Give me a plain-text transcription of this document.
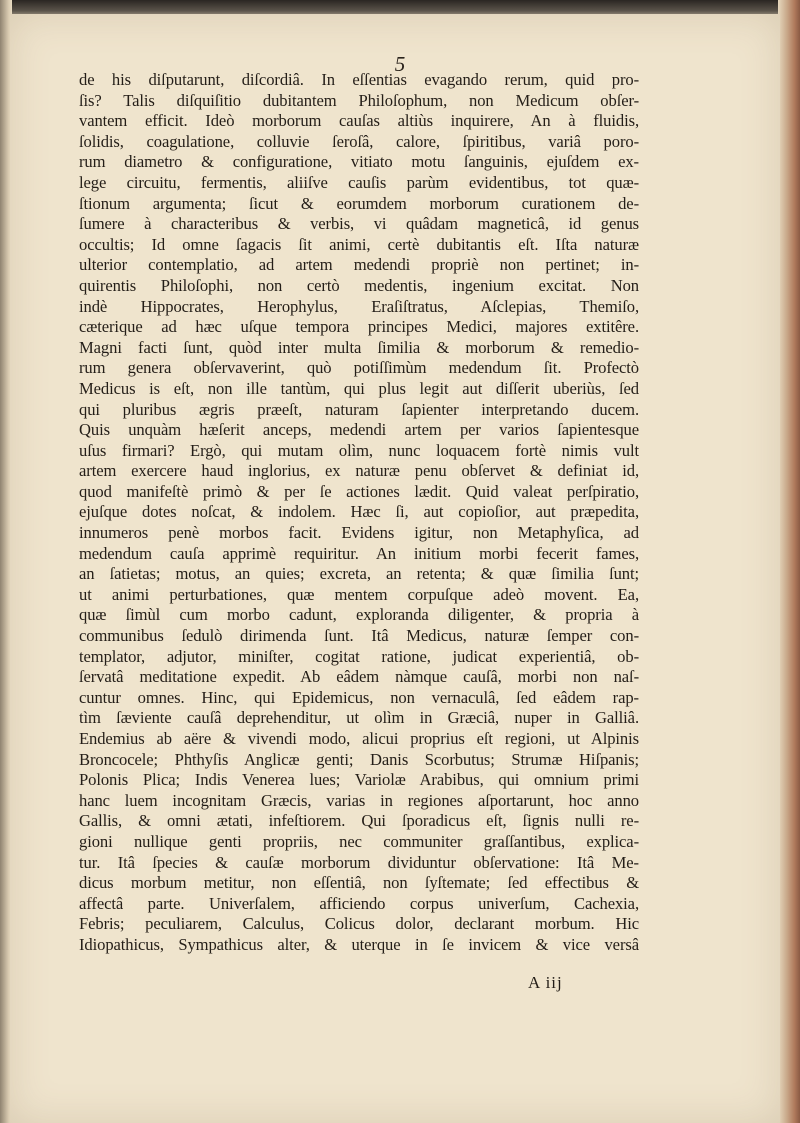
5
de his diſputarunt, diſcordiâ. In eſſentias evagando rerum, quid pro-
ſis? Talis diſquiſitio dubitantem Philoſophum, non Medicum obſer-
vantem efficit. Ideò morborum cauſas altiùs inquirere, An à fluidis,
ſolidis, coagulatione, colluvie ſeroſâ, calore, ſpiritibus, variâ poro-
rum diametro & configuratione, vitiato motu ſanguinis, ejuſdem ex-
lege circuitu, fermentis, aliiſve cauſis parùm evidentibus, tot quæ-
ſtionum argumenta; ſicut & eorumdem morborum curationem de-
ſumere à characteribus & verbis, vi quâdam magneticâ, id genus
occultis; Id omne ſagacis ſit animi, certè dubitantis eſt. Iſta naturæ
ulterior contemplatio, ad artem medendi propriè non pertinet; in-
quirentis Philoſophi, non certò medentis, ingenium excitat. Non
indè Hippocrates, Herophylus, Eraſiſtratus, Aſclepias, Themiſo,
cæterique ad hæc uſque tempora principes Medici, majores extitêre.
Magni facti ſunt, quòd inter multa ſimilia & morborum & remedio-
rum genera obſervaverint, quò potiſſimùm medendum ſit. Profectò
Medicus is eſt, non ille tantùm, qui plus legit aut diſſerit uberiùs, ſed
qui pluribus ægris præeſt, naturam ſapienter interpretando ducem.
Quis unquàm hæſerit anceps, medendi artem per varios ſapientesque
uſus firmari? Ergò, qui mutam olìm, nunc loquacem fortè nimis vult
artem exercere haud inglorius, ex naturæ penu obſervet & definiat id,
quod manifeſtè primò & per ſe actiones lædit. Quid valeat perſpiratio,
ejuſque dotes noſcat, & indolem. Hæc ſi, aut copioſior, aut præpedita,
innumeros penè morbos facit. Evidens igitur, non Metaphyſica, ad
medendum cauſa apprimè requiritur. An initium morbi fecerit fames,
an ſatietas; motus, an quies; excreta, an retenta; & quæ ſimilia ſunt;
ut animi perturbationes, quæ mentem corpuſque adeò movent. Ea,
quæ ſimùl cum morbo cadunt, exploranda diligenter, & propria à
communibus ſedulò dirimenda ſunt. Itâ Medicus, naturæ ſemper con-
templator, adjutor, miniſter, cogitat ratione, judicat experientiâ, ob-
ſervatâ meditatione expedit. Ab eâdem nàmque cauſâ, morbi non naſ-
cuntur omnes. Hinc, qui Epidemicus, non vernaculâ, ſed eâdem rap-
tìm ſæviente cauſâ deprehenditur, ut olìm in Græciâ, nuper in Galliâ.
Endemius ab aëre & vivendi modo, alicui proprius eſt regioni, ut Alpinis
Broncocele; Phthyſis Anglicæ genti; Danis Scorbutus; Strumæ Hiſpanis;
Polonis Plica; Indis Venerea lues; Variolæ Arabibus, qui omnium primi
hanc luem incognitam Græcis, varias in regiones aſportarunt, hoc anno
Gallis, & omni ætati, infeſtiorem. Qui ſporadicus eſt, ſignis nulli re-
gioni nullique genti propriis, nec communiter graſſantibus, explica-
tur. Itâ ſpecies & cauſæ morborum dividuntur obſervatione: Itâ Me-
dicus morbum metitur, non eſſentiâ, non ſyſtemate; ſed effectibus &
affectâ parte. Univerſalem, afficiendo corpus univerſum, Cachexia,
Febris; peculiarem, Calculus, Colicus dolor, declarant morbum. Hic
Idiopathicus, Sympathicus alter, & uterque in ſe invicem & vice versâ
A iij
